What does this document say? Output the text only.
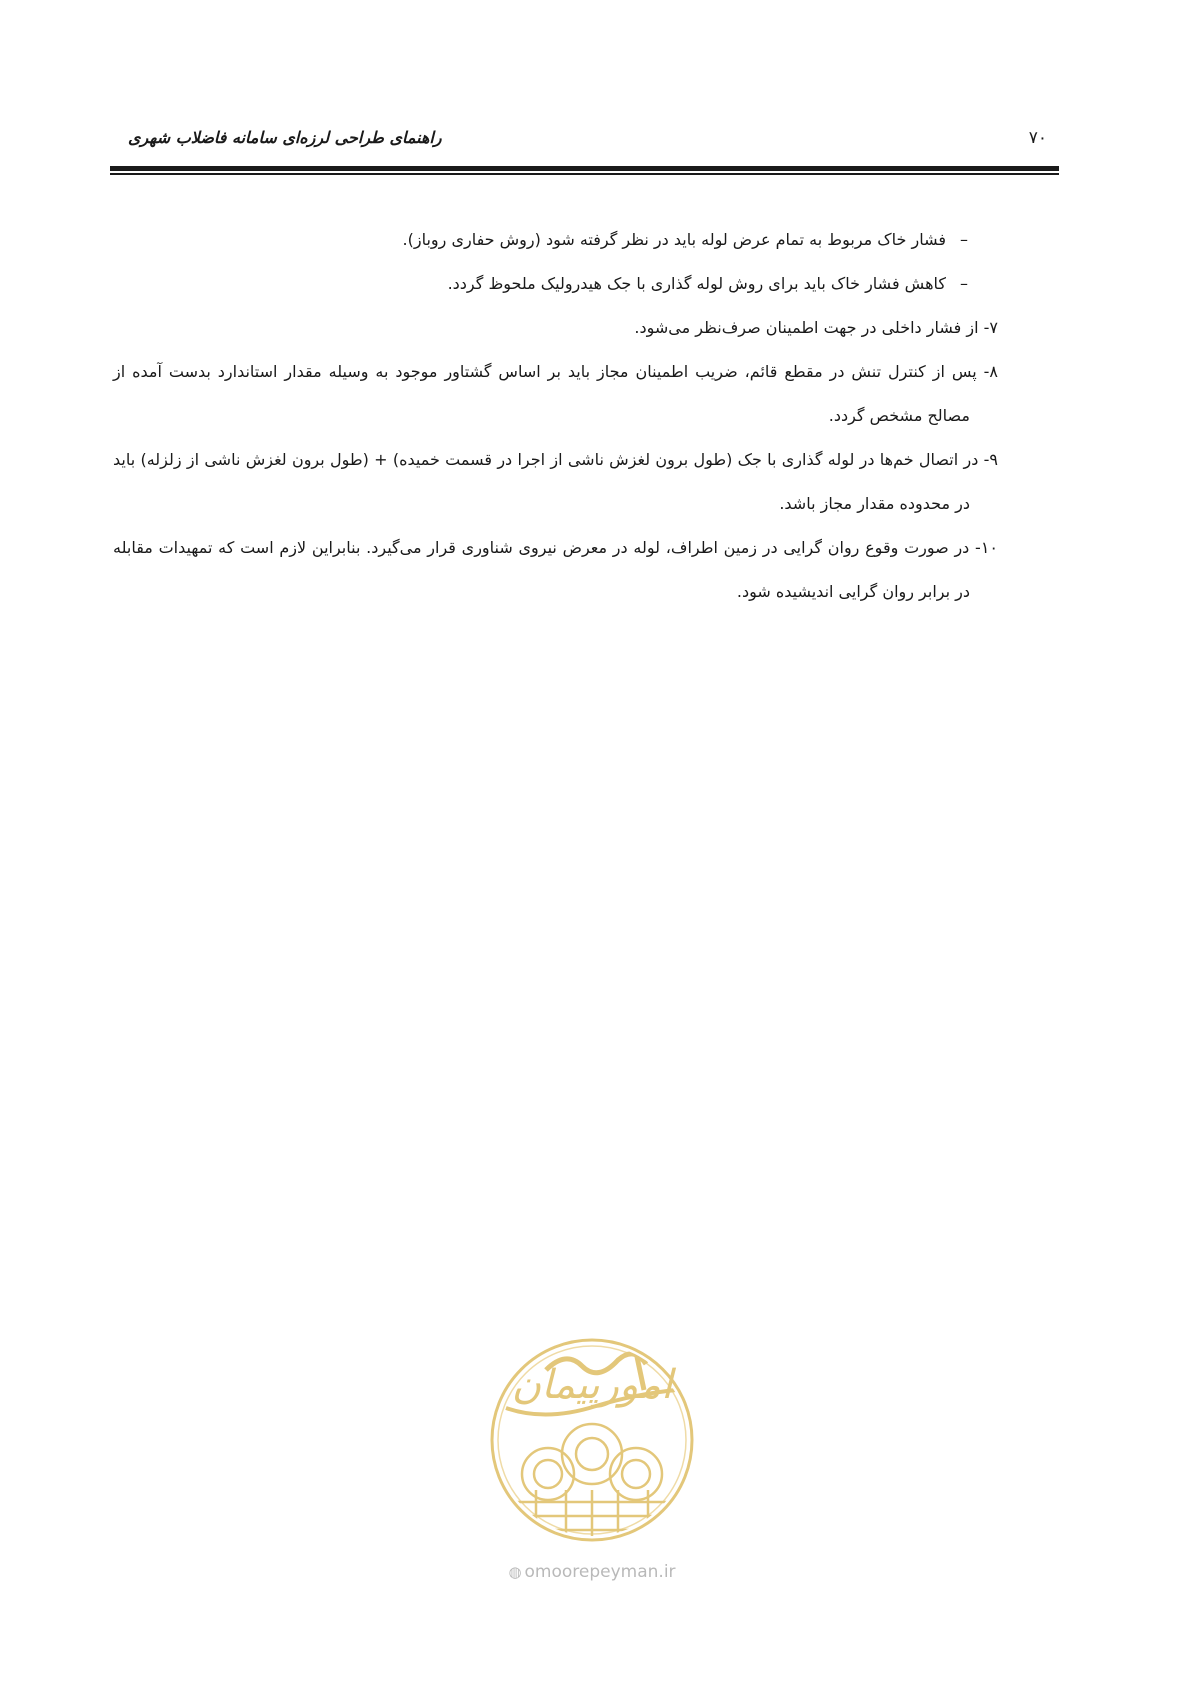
راهنمای طراحی لرزه‌ای سامانه فاضلاب شهری	۷۰
–فشار خاک مربوط به تمام عرض لوله باید در نظر گرفته شود (روش حفاری روباز).
–کاهش فشار خاک باید برای روش لوله گذاری با جک هیدرولیک ملحوظ گردد.
۷- از فشار داخلی در جهت اطمینان صرف‌نظر می‌شود.
۸- پس از کنترل تنش در مقطع قائم، ضریب اطمینان مجاز باید بر اساس گشتاور موجود به وسیله مقدار استاندارد بدست آمده از مصالح مشخص گردد.
۹- در اتصال خم‌ها در لوله گذاری با جک (طول برون لغزش ناشی از اجرا در قسمت خمیده) + (طول برون لغزش ناشی از زلزله) باید در محدوده مقدار مجاز باشد.
۱۰- در صورت وقوع روان گرایی در زمین اطراف، لوله در معرض نیروی شناوری قرار می‌گیرد. بنابراین لازم است که تمهیدات مقابله در برابر روان گرایی اندیشیده شود.
امورپیمان
◍ omoorepeyman.ir
